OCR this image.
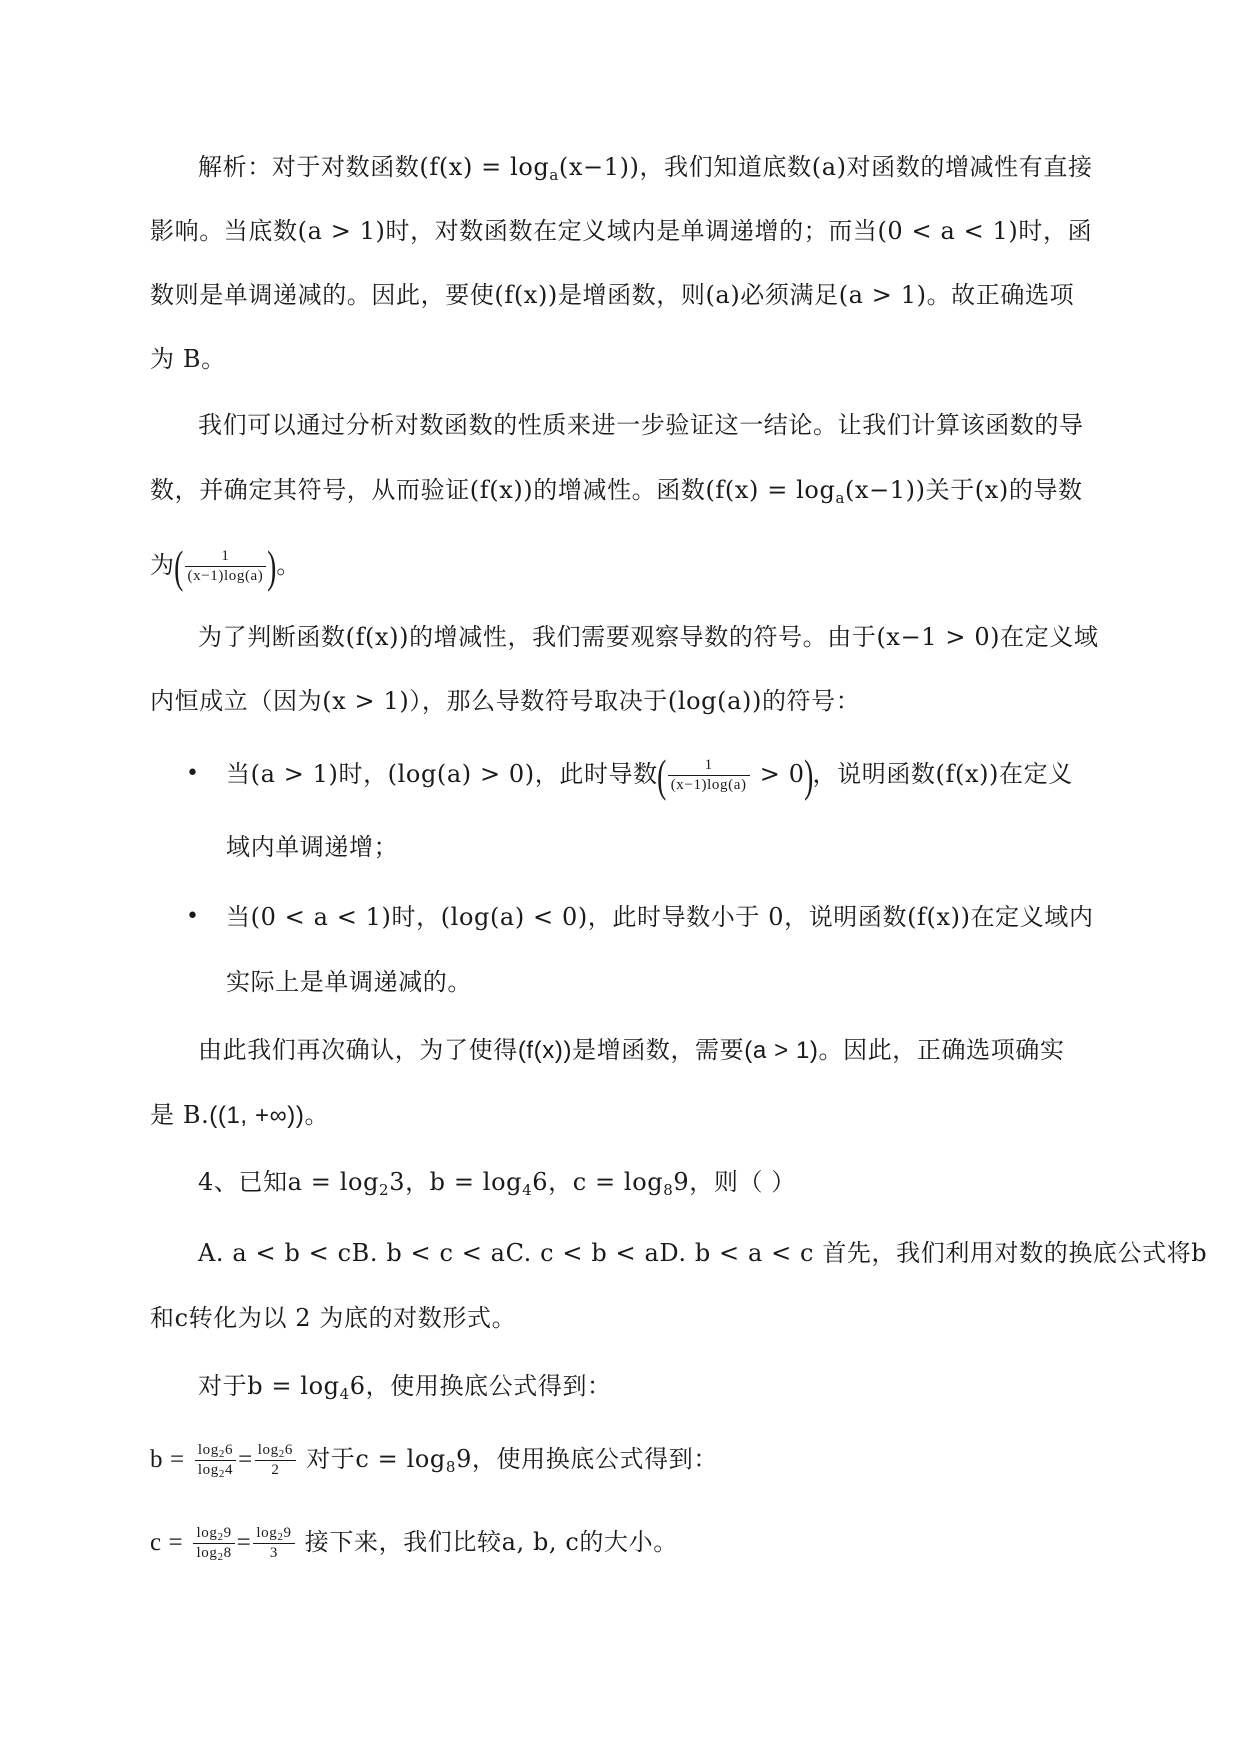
解析：对于对数函数$(f(x) = \log_a(x-1))$，我们知道底数(a)对函数的增减性有直接
影响。当底数(a > 1)时，对数函数在定义域内是单调递增的；而当(0 < a < 1)时，函
数则是单调递减的。因此，要使(f(x))是增函数，则(a)必须满足(a > 1)。故正确选项
为 B。
我们可以通过分析对数函数的性质来进一步验证这一结论。让我们计算该函数的导
数，并确定其符号，从而验证(f(x))的增减性。函数$(f(x) = \log_a(x-1))$关于(x)的导数
为( $\frac{1}{(x-1)\log(a)}$ )。
为了判断函数(f(x))的增减性，我们需要观察导数的符号。由于(x−1 > 0)在定义域
内恒成立（因为(x > 1)），那么导数符号取决于(log(a))的符号：
• 当(a > 1)时，(log(a) > 0)，此时导数( $\frac{1}{(x-1)\log(a)} > 0$)，说明函数(f(x))在定义
域内单调递增；
• 当(0 < a < 1)时，(log(a) < 0)，此时导数小于 0，说明函数(f(x))在定义域内
实际上是单调递减的。
由此我们再次确认，为了使得(f(x))是增函数，需要(a > 1)。因此，正确选项确实
是 B.((1, +∞))。
4、已知$a = \log_23$，$b = \log_46$，$c = \log_89$，则（ ）
A. a < b < cB. b < c < aC. c < b < aD. b < a < c 首先，我们利用对数的换底公式将b
和c转化为以 2 为底的对数形式。
对于$b = \log_46$，使用换底公式得到：
$b = \frac{\log_26}{\log_24} = \frac{\log_26}{2}$ 对于$c = \log_89$，使用换底公式得到：
$c = \frac{\log_29}{\log_28} = \frac{\log_29}{3}$ 接下来，我们比较a, b, c的大小。
